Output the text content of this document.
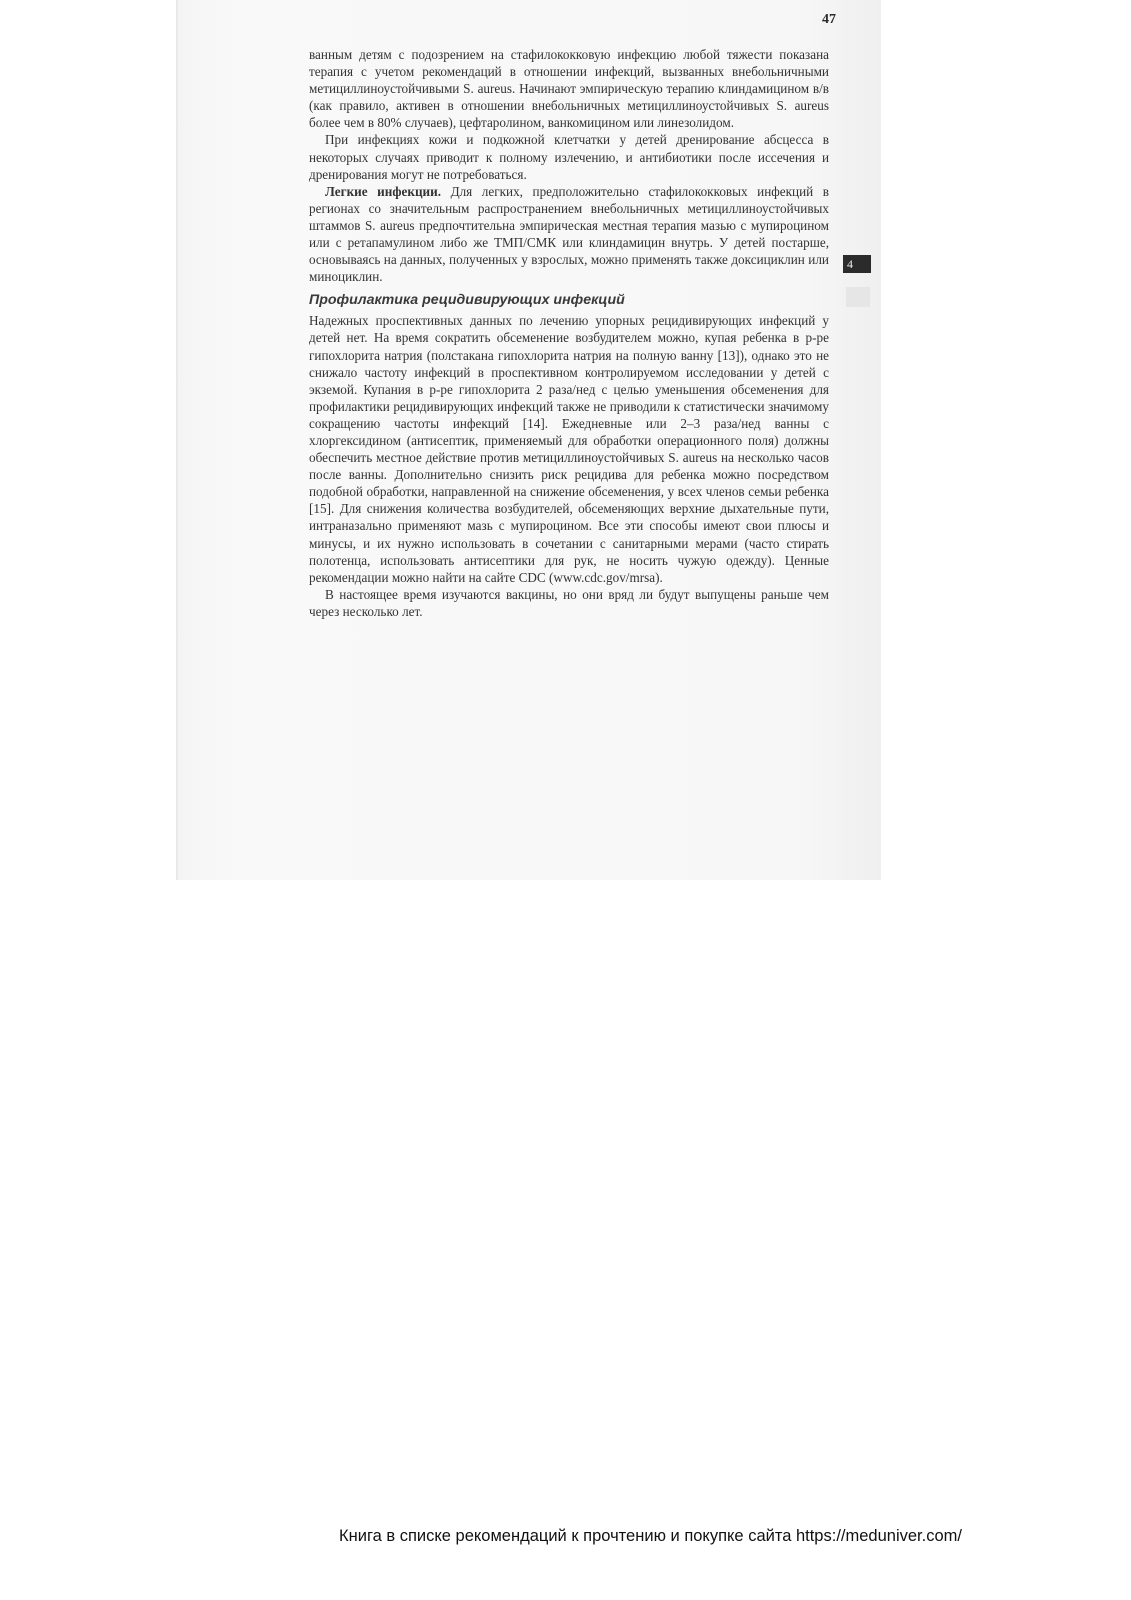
47
4

ванным детям с подозрением на стафилококковую инфекцию любой тяжести показана терапия с учетом рекомендаций в отношении инфекций, вызванных внебольничными метициллиноустойчивыми S. aureus. Начинают эмпирическую терапию клиндамицином в/в (как правило, активен в отношении внебольничных метициллиноустойчивых S. aureus более чем в 80% случаев), цефтаролином, ванкомицином или линезолидом.

При инфекциях кожи и подкожной клетчатки у детей дренирование абсцесса в некоторых случаях приводит к полному излечению, и антибиотики после иссечения и дренирования могут не потребоваться.

Легкие инфекции. Для легких, предположительно стафилококковых инфекций в регионах со значительным распространением внебольничных метициллиноустойчивых штаммов S. aureus предпочтительна эмпирическая местная терапия мазью с мупироцином или с ретапамулином либо же ТМП/СМК или клиндамицин внутрь. У детей постарше, основываясь на данных, полученных у взрослых, можно применять также доксициклин или миноциклин.

Профилактика рецидивирующих инфекций

Надежных проспективных данных по лечению упорных рецидивирующих инфекций у детей нет. На время сократить обсеменение возбудителем можно, купая ребенка в р-ре гипохлорита натрия (полстакана гипохлорита натрия на полную ванну [13]), однако это не снижало частоту инфекций в проспективном контролируемом исследовании у детей с экземой. Купания в р-ре гипохлорита 2 раза/нед с целью уменьшения обсеменения для профилактики рецидивирующих инфекций также не приводили к статистически значимому сокращению частоты инфекций [14]. Ежедневные или 2–3 раза/нед ванны с хлоргексидином (антисептик, применяемый для обработки операционного поля) должны обеспечить местное действие против метициллиноустойчивых S. aureus на несколько часов после ванны. Дополнительно снизить риск рецидива для ребенка можно посредством подобной обработки, направленной на снижение обсеменения, у всех членов семьи ребенка [15]. Для снижения количества возбудителей, обсеменяющих верхние дыхательные пути, интраназально применяют мазь с мупироцином. Все эти способы имеют свои плюсы и минусы, и их нужно использовать в сочетании с санитарными мерами (часто стирать полотенца, использовать антисептики для рук, не носить чужую одежду). Ценные рекомендации можно найти на сайте CDC (www.cdc.gov/mrsa).

В настоящее время изучаются вакцины, но они вряд ли будут выпущены раньше чем через несколько лет.

Книга в списке рекомендаций к прочтению и покупке сайта https://meduniver.com/
